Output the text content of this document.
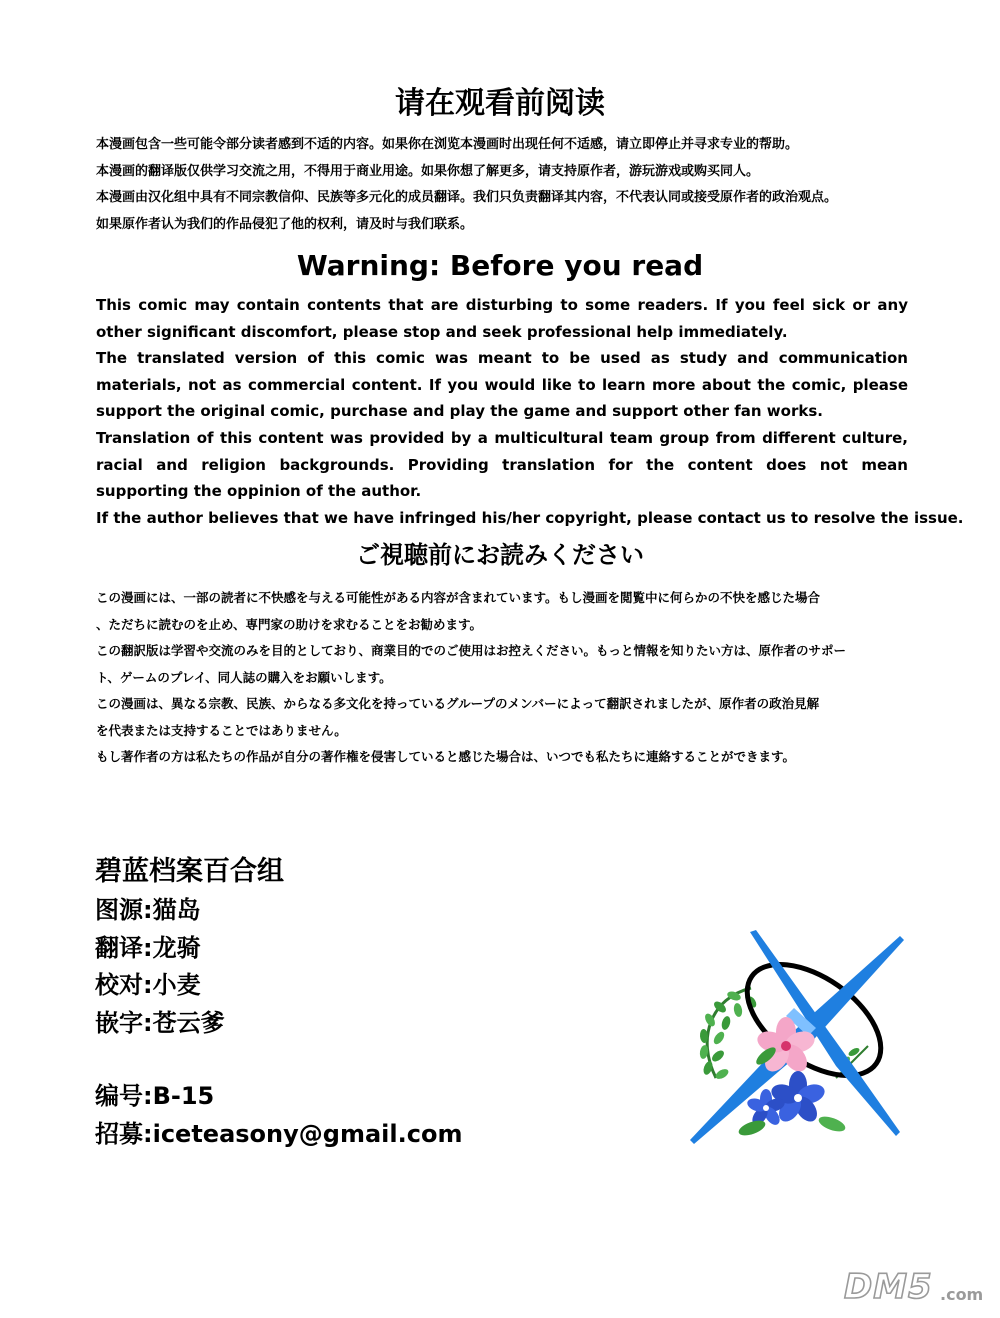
请在观看前阅读

本漫画包含一些可能令部分读者感到不适的内容。如果你在浏览本漫画时出现任何不适感，请立即停止并寻求专业的帮助。

本漫画的翻译版仅供学习交流之用，不得用于商业用途。如果你想了解更多，请支持原作者，游玩游戏或购买同人。

本漫画由汉化组中具有不同宗教信仰、民族等多元化的成员翻译。我们只负责翻译其内容，不代表认同或接受原作者的政治观点。

如果原作者认为我们的作品侵犯了他的权利，请及时与我们联系。

Warning: Before you read

This comic may contain contents that are disturbing to some readers. If you feel sick or any other significant discomfort, please stop and seek professional help immediately.

The translated version of this comic was meant to be used as study and communication materials, not as commercial content. If you would like to learn more about the comic, please support the original comic, purchase and play the game and support other fan works.

Translation of this content was provided by a multicultural team group from different culture, racial and religion backgrounds. Providing translation for the content does not mean supporting the oppinion of the author.

If the author believes that we have infringed his/her copyright, please contact us to resolve the issue.

ご視聴前にお読みください

この漫画には、一部の読者に不快感を与える可能性がある内容が含まれています。もし漫画を閲覧中に何らかの不快を感じた場合

、ただちに読むのを止め、専門家の助けを求むることをお勧めます。

この翻訳版は学習や交流のみを目的としており、商業目的でのご使用はお控えください。もっと情報を知りたい方は、原作者のサポー

ト、ゲームのプレイ、同人誌の購入をお願いします。

この漫画は、異なる宗教、民族、からなる多文化を持っているグループのメンバーによって翻訳されましたが、原作者の政治見解

を代表または支持することではありません。

もし著作者の方は私たちの作品が自分の著作権を侵害していると感じた場合は、いつでも私たちに連絡することができます。

碧蓝档案百合组

图源:猫岛

翻译:龙骑

校对:小麦

嵌字:苍云爹

编号:B-15

招募:iceteasony@gmail.com

DM5 .com
